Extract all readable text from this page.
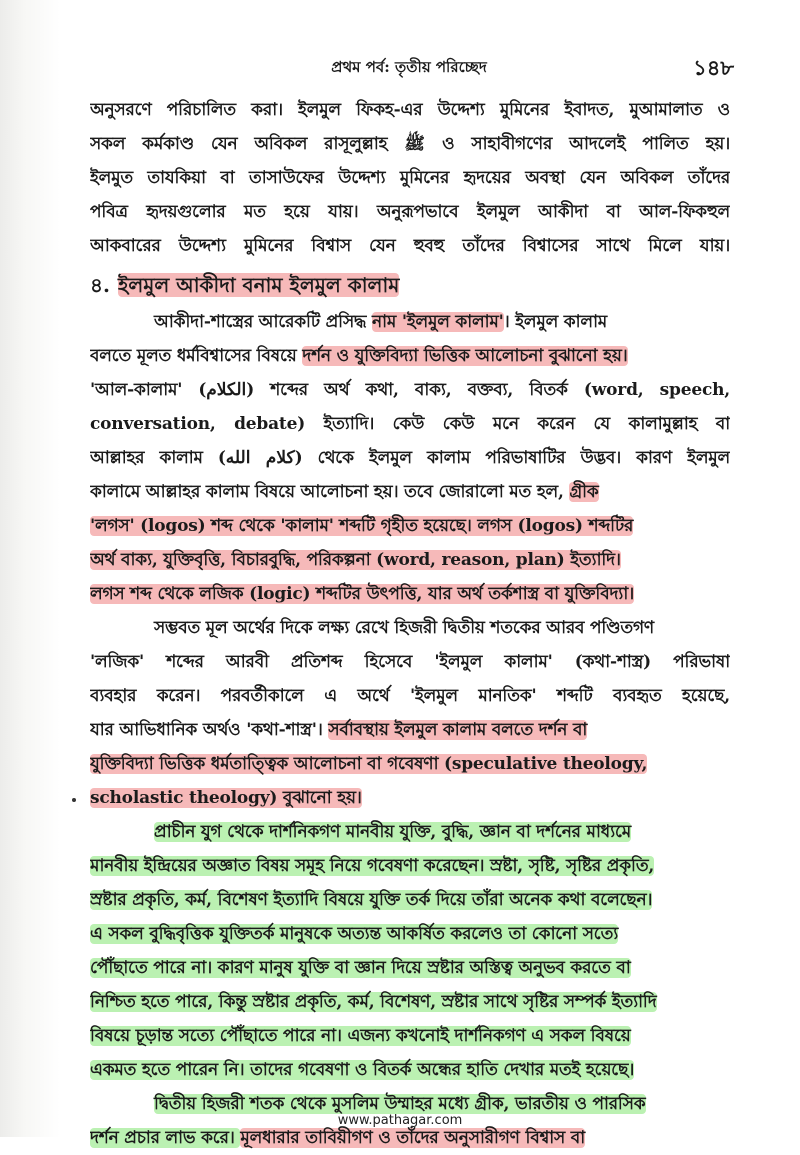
প্রথম পর্ব: তৃতীয় পরিচ্ছেদ	১৪৮
অনুসরণে পরিচালিত করা। ইলমুল ফিকহ-এর উদ্দেশ্য মুমিনের ইবাদত, মুআমালাত ও
সকল কর্মকাণ্ড যেন অবিকল রাসূলুল্লাহ ﷺ ও সাহাবীগণের আদলেই পালিত হয়।
ইলমুত তাযকিয়া বা তাসাউফের উদ্দেশ্য মুমিনের হৃদয়ের অবস্থা যেন অবিকল তাঁদের
পবিত্র হৃদয়গুলোর মত হয়ে যায়। অনুরূপভাবে ইলমুল আকীদা বা আল-ফিকহুল
আকবারের উদ্দেশ্য মুমিনের বিশ্বাস যেন হুবহু তাঁদের বিশ্বাসের সাথে মিলে যায়।
৪. ইলমুল আকীদা বনাম ইলমুল কালাম
আকীদা-শাস্ত্রের আরেকটি প্রসিদ্ধ নাম 'ইলমুল কালাম'। ইলমুল কালাম
বলতে মূলত ধর্মবিশ্বাসের বিষয়ে দর্শন ও যুক্তিবিদ্যা ভিত্তিক আলোচনা বুঝানো হয়।
'আল-কালাম' (الكلام) শব্দের অর্থ কথা, বাক্য, বক্তব্য, বিতর্ক (word, speech,
conversation, debate) ইত্যাদি। কেউ কেউ মনে করেন যে কালামুল্লাহ বা
আল্লাহর কালাম (كلام الله) থেকে ইলমুল কালাম পরিভাষাটির উদ্ভব। কারণ ইলমুল
কালামে আল্লাহর কালাম বিষয়ে আলোচনা হয়। তবে জোরালো মত হল, গ্রীক
'লগস' (logos) শব্দ থেকে 'কালাম' শব্দটি গৃহীত হয়েছে। লগস (logos) শব্দটির
অর্থ বাক্য, যুক্তিবৃত্তি, বিচারবুদ্ধি, পরিকল্পনা (word, reason, plan) ইত্যাদি।
লগস শব্দ থেকে লজিক (logic) শব্দটির উৎপত্তি, যার অর্থ তর্কশাস্ত্র বা যুক্তিবিদ্যা।
সম্ভবত মূল অর্থের দিকে লক্ষ্য রেখে হিজরী দ্বিতীয় শতকের আরব পণ্ডিতগণ
'লজিক' শব্দের আরবী প্রতিশব্দ হিসেবে 'ইলমুল কালাম' (কথা-শাস্ত্র) পরিভাষা
ব্যবহার করেন। পরবর্তীকালে এ অর্থে 'ইলমুল মানতিক' শব্দটি ব্যবহৃত হয়েছে,
যার আভিধানিক অর্থও 'কথা-শাস্ত্র'। সর্বাবস্থায় ইলমুল কালাম বলতে দর্শন বা
যুক্তিবিদ্যা ভিত্তিক ধর্মতাত্ত্বিক আলোচনা বা গবেষণা (speculative theology,
scholastic theology) বুঝানো হয়।
প্রাচীন যুগ থেকে দার্শনিকগণ মানবীয় যুক্তি, বুদ্ধি, জ্ঞান বা দর্শনের মাধ্যমে
মানবীয় ইন্দ্রিয়ের অজ্ঞাত বিষয় সমূহ নিয়ে গবেষণা করেছেন। স্রষ্টা, সৃষ্টি, সৃষ্টির প্রকৃতি,
স্রষ্টার প্রকৃতি, কর্ম, বিশেষণ ইত্যাদি বিষয়ে যুক্তি তর্ক দিয়ে তাঁরা অনেক কথা বলেছেন।
এ সকল বুদ্ধিবৃত্তিক যুক্তিতর্ক মানুষকে অত্যন্ত আকর্ষিত করলেও তা কোনো সত্যে
পৌঁছাতে পারে না। কারণ মানুষ যুক্তি বা জ্ঞান দিয়ে স্রষ্টার অস্তিত্ব অনুভব করতে বা
নিশ্চিত হতে পারে, কিন্তু স্রষ্টার প্রকৃতি, কর্ম, বিশেষণ, স্রষ্টার সাথে সৃষ্টির সম্পর্ক ইত্যাদি
বিষয়ে চূড়ান্ত সত্যে পৌঁছাতে পারে না। এজন্য কখনোই দার্শনিকগণ এ সকল বিষয়ে
একমত হতে পারেন নি। তাদের গবেষণা ও বিতর্ক অন্ধের হাতি দেখার মতই হয়েছে।
দ্বিতীয় হিজরী শতক থেকে মুসলিম উম্মাহর মধ্যে গ্রীক, ভারতীয় ও পারসিক
দর্শন প্রচার লাভ করে। মূলধারার তাবিয়ীগণ ও তাঁদের অনুসারীগণ বিশ্বাস বা
www.pathagar.com
